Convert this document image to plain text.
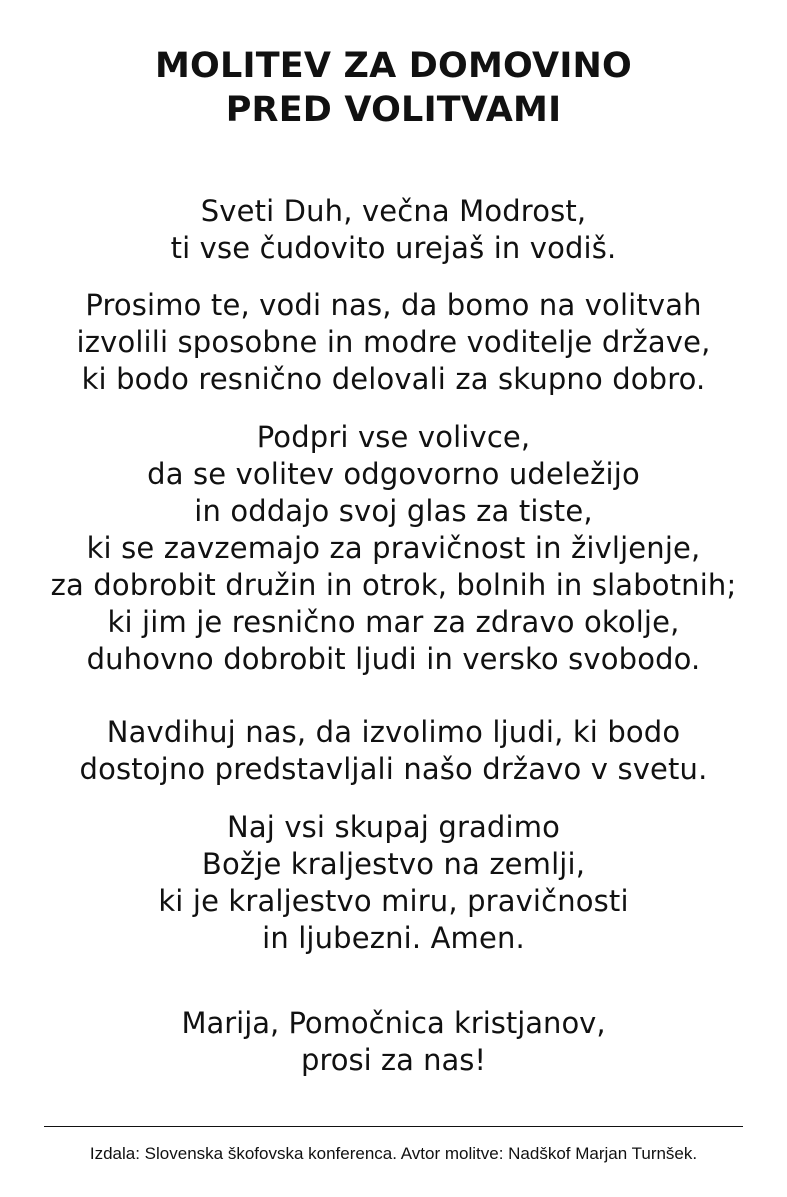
MOLITEV ZA DOMOVINO
PRED VOLITVAMI
Sveti Duh, večna Modrost,
ti vse čudovito urejaš in vodiš.
Prosimo te, vodi nas, da bomo na volitvah
izvolili sposobne in modre voditelje države,
ki bodo resnično delovali za skupno dobro.
Podpri vse volivce,
da se volitev odgovorno udeležijo
in oddajo svoj glas za tiste,
ki se zavzemajo za pravičnost in življenje,
za dobrobit družin in otrok, bolnih in slabotnih;
ki jim je resnično mar za zdravo okolje,
duhovno dobrobit ljudi in versko svobodo.
Navdihuj nas, da izvolimo ljudi, ki bodo
dostojno predstavljali našo državo v svetu.
Naj vsi skupaj gradimo
Božje kraljestvo na zemlji,
ki je kraljestvo miru, pravičnosti
in ljubezni. Amen.
Marija, Pomočnica kristjanov,
prosi za nas!
Izdala: Slovenska škofovska konferenca. Avtor molitve: Nadškof Marjan Turnšek.
